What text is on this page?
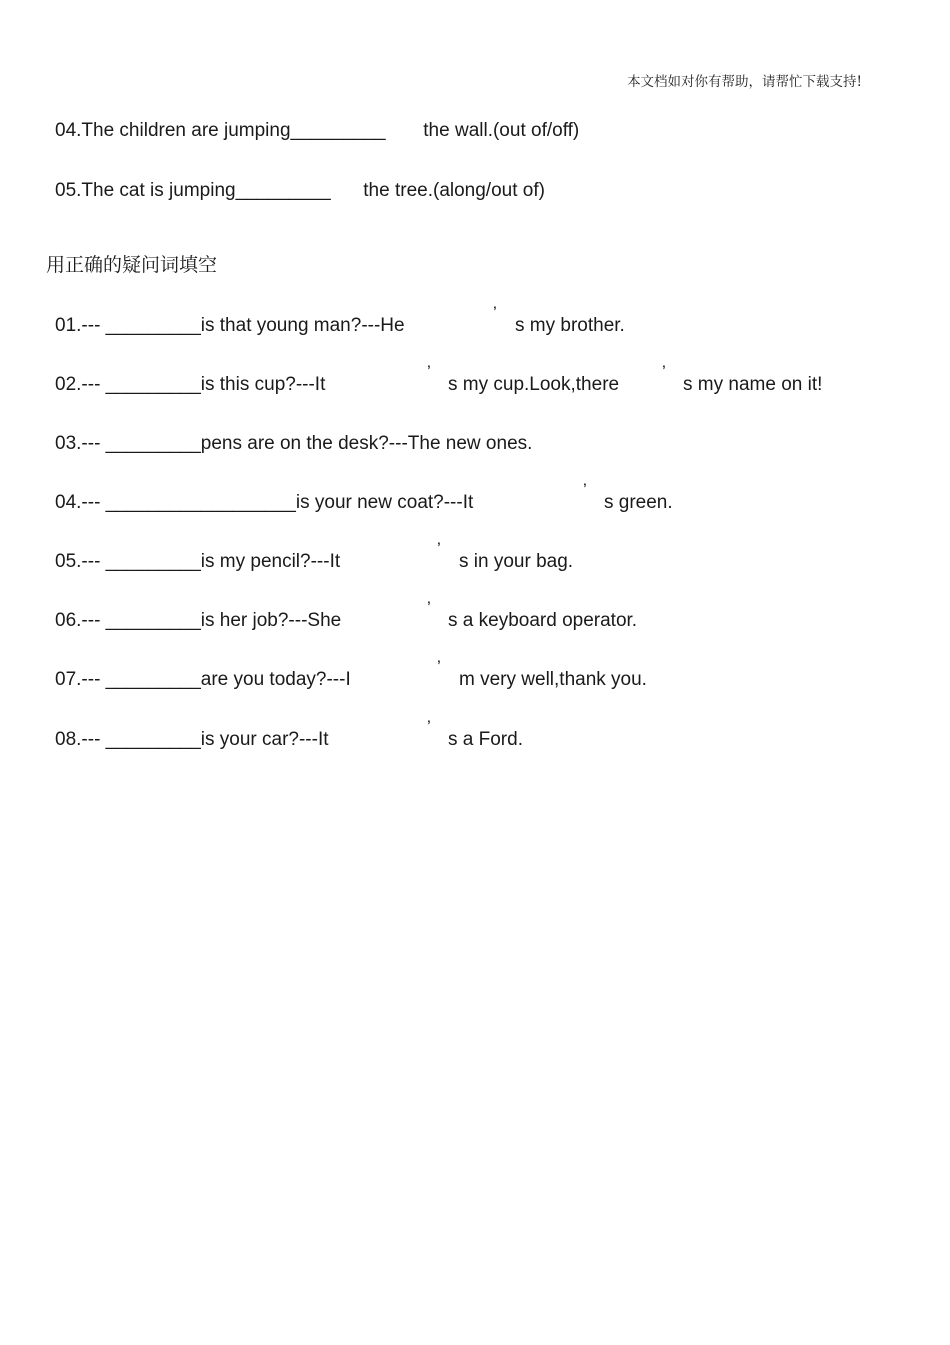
本文档如对你有帮助，请帮忙下载支持!
04.The children are jumping_________ the wall.(out of/off)
05.The cat is jumping_________ the tree.(along/out of)
用正确的疑问词填空
01.--- _________is that young man?---He
’
s my brother.
02.--- _________is this cup?---It
’
s my cup.Look,there
’
s my name on it!
03.--- _________pens are on the desk?---The new ones.
04.--- __________________is your new coat?---It
’
s green.
05.--- _________is my pencil?---It
’
s in your bag.
06.--- _________is her job?---She
’
s a keyboard operator.
07.--- _________are you today?---I
’
m very well,thank you.
08.--- _________is your car?---It
’
s a Ford.
